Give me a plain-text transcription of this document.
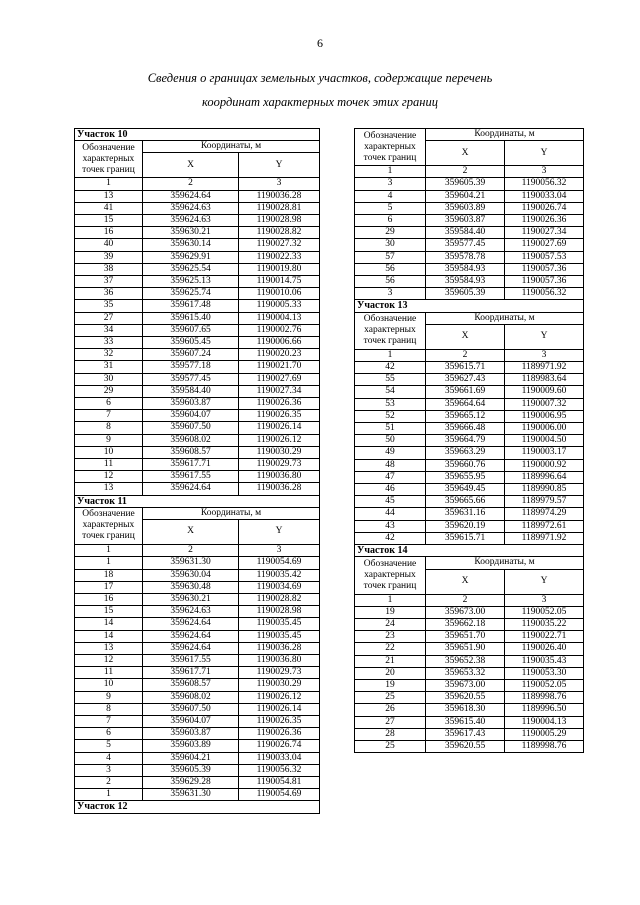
6
Сведения о границах земельных участков, содержащие перечень
координат характерных точек этих границ
Участок 10		
Обозначение характерных точек границ	Координаты, м	
	X	Y
1	2	3
13	359624.64	1190036.28
41	359624.63	1190028.81
15	359624.63	1190028.98
16	359630.21	1190028.82
40	359630.14	1190027.32
39	359629.91	1190022.33
38	359625.54	1190019.80
37	359625.13	1190014.75
36	359625.74	1190010.06
35	359617.48	1190005.33
27	359615.40	1190004.13
34	359607.65	1190002.76
33	359605.45	1190006.66
32	359607.24	1190020.23
31	359577.18	1190021.70
30	359577.45	1190027.69
29	359584.40	1190027.34
6	359603.87	1190026.36
7	359604.07	1190026.35
8	359607.50	1190026.14
9	359608.02	1190026.12
10	359608.57	1190030.29
11	359617.71	1190029.73
12	359617.55	1190036.80
13	359624.64	1190036.28
Участок 11		
Обозначение характерных точек границ	Координаты, м	
	X	Y
1	2	3
1	359631.30	1190054.69
18	359630.04	1190035.42
17	359630.48	1190034.69
16	359630.21	1190028.82
15	359624.63	1190028.98
14	359624.64	1190035.45
14	359624.64	1190035.45
13	359624.64	1190036.28
12	359617.55	1190036.80
11	359617.71	1190029.73
10	359608.57	1190030.29
9	359608.02	1190026.12
8	359607.50	1190026.14
7	359604.07	1190026.35
6	359603.87	1190026.36
5	359603.89	1190026.74
4	359604.21	1190033.04
3	359605.39	1190056.32
2	359629.28	1190054.81
1	359631.30	1190054.69
Участок 12		
Обозначение характерных точек границ	Координаты, м	
	X	Y
1	2	3
3	359605.39	1190056.32
4	359604.21	1190033.04
5	359603.89	1190026.74
6	359603.87	1190026.36
29	359584.40	1190027.34
30	359577.45	1190027.69
57	359578.78	1190057.53
56	359584.93	1190057.36
56	359584.93	1190057.36
3	359605.39	1190056.32
Участок 13		
Обозначение характерных точек границ	Координаты, м	
	X	Y
1	2	3
42	359615.71	1189971.92
55	359627.43	1189983.64
54	359661.69	1190009.60
53	359664.64	1190007.32
52	359665.12	1190006.95
51	359666.48	1190006.00
50	359664.79	1190004.50
49	359663.29	1190003.17
48	359660.76	1190000.92
47	359655.95	1189996.64
46	359649.45	1189990.85
45	359665.66	1189979.57
44	359631.16	1189974.29
43	359620.19	1189972.61
42	359615.71	1189971.92
Участок 14		
Обозначение характерных точек границ	Координаты, м	
	X	Y
1	2	3
19	359673.00	1190052.05
24	359662.18	1190035.22
23	359651.70	1190022.71
22	359651.90	1190026.40
21	359652.38	1190035.43
20	359653.32	1190053.30
19	359673.00	1190052.05
25	359620.55	1189998.76
26	359618.30	1189996.50
27	359615.40	1190004.13
28	359617.43	1190005.29
25	359620.55	1189998.76
